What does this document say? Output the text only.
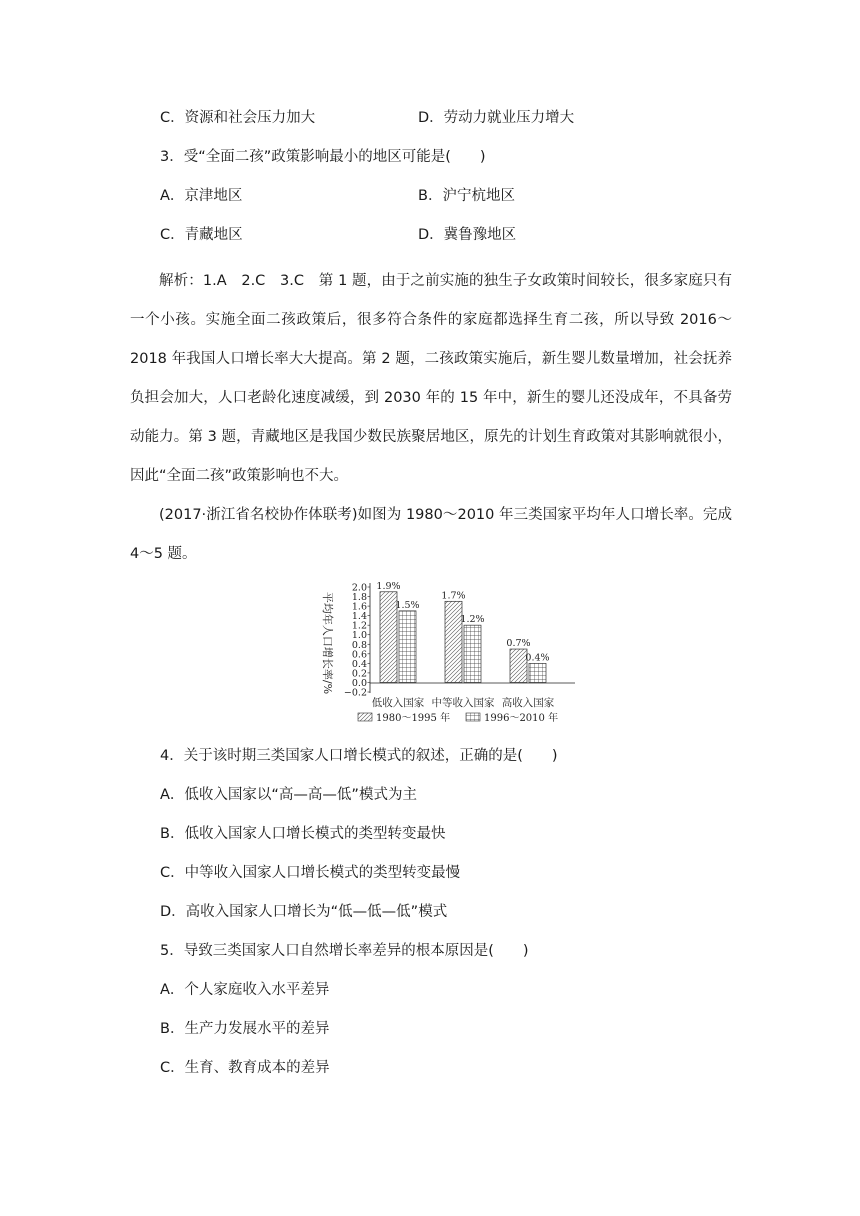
C．资源和社会压力加大	D．劳动力就业压力增大
3．受“全面二孩”政策影响最小的地区可能是(　　)
A．京津地区	B．沪宁杭地区
C．青藏地区	D．冀鲁豫地区
解析：1.A　2.C　3.C　第 1 题，由于之前实施的独生子女政策时间较长，很多家庭只有一个小孩。实施全面二孩政策后，很多符合条件的家庭都选择生育二孩，所以导致 2016～2018 年我国人口增长率大大提高。第 2 题，二孩政策实施后，新生婴儿数量增加，社会抚养负担会加大，人口老龄化速度减缓，到 2030 年的 15 年中，新生的婴儿还没成年，不具备劳动能力。第 3 题，青藏地区是我国少数民族聚居地区，原先的计划生育政策对其影响就很小，因此“全面二孩”政策影响也不大。
(2017·浙江省名校协作体联考)如图为 1980～2010 年三类国家平均年人口增长率。完成 4～5 题。
平均年人口增长率/%
2.0
1.8
1.6
1.4
1.2
1.0
0.8
0.6
0.4
0.2
0.0
−0.2
1.9%
1.7%
0.7%
1.5%
1.2%
0.4%
低收入国家 中等收入国家 高收入国家
1980～1995 年	1996～2010 年
4．关于该时期三类国家人口增长模式的叙述，正确的是(　　)
A．低收入国家以“高—高—低”模式为主
B．低收入国家人口增长模式的类型转变最快
C．中等收入国家人口增长模式的类型转变最慢
D．高收入国家人口增长为“低—低—低”模式
5．导致三类国家人口自然增长率差异的根本原因是(　　)
A．个人家庭收入水平差异
B．生产力发展水平的差异
C．生育、教育成本的差异
